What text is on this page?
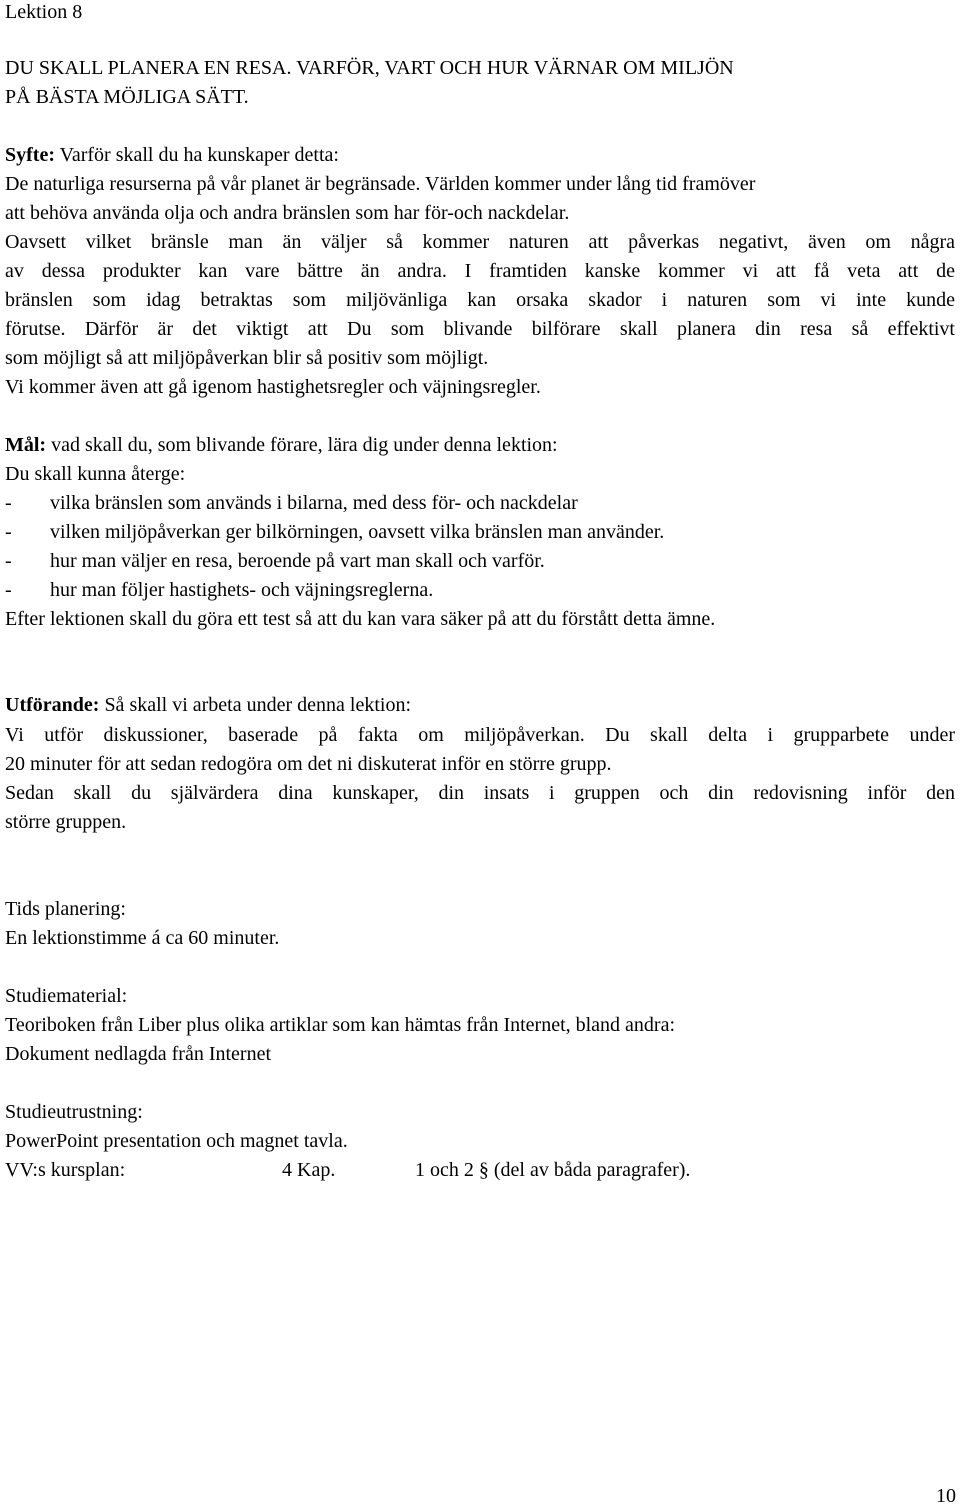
Lektion 8
DU SKALL PLANERA EN RESA. VARFÖR, VART OCH HUR VÄRNAR OM MILJÖN
PÅ BÄSTA MÖJLIGA SÄTT.
Syfte: Varför skall du ha kunskaper detta:
De naturliga resurserna på vår planet är begränsade. Världen kommer under lång tid framöver
att behöva använda olja och andra bränslen som har för-och nackdelar.
Oavsett vilket bränsle man än väljer så kommer naturen att påverkas negativt, även om några
av dessa produkter kan vare bättre än andra. I framtiden kanske kommer vi att få veta att de
bränslen som idag betraktas som miljövänliga kan orsaka skador i naturen som vi inte kunde
förutse. Därför är det viktigt att Du som blivande bilförare skall planera din resa så effektivt
som möjligt så att miljöpåverkan blir så positiv som möjligt.
Vi kommer även att gå igenom hastighetsregler och väjningsregler.
Mål: vad skall du, som blivande förare, lära dig under denna lektion:
Du skall kunna återge:
- vilka bränslen som används i bilarna, med dess för- och nackdelar
- vilken miljöpåverkan ger bilkörningen, oavsett vilka bränslen man använder.
- hur man väljer en resa, beroende på vart man skall och varför.
- hur man följer hastighets- och väjningsreglerna.
Efter lektionen skall du göra ett test så att du kan vara säker på att du förstått detta ämne.
Utförande: Så skall vi arbeta under denna lektion:
Vi utför diskussioner, baserade på fakta om miljöpåverkan. Du skall delta i grupparbete under
20 minuter för att sedan redogöra om det ni diskuterat inför en större grupp.
Sedan skall du självärdera dina kunskaper, din insats i gruppen och din redovisning inför den
större gruppen.
Tids planering:
En lektionstimme á ca 60 minuter.
Studiematerial:
Teoriboken från Liber plus olika artiklar som kan hämtas från Internet, bland andra:
Dokument nedlagda från Internet
Studieutrustning:
PowerPoint presentation och magnet tavla.
VV:s kursplan:	4 Kap.	1 och 2 § (del av båda paragrafer).
10
